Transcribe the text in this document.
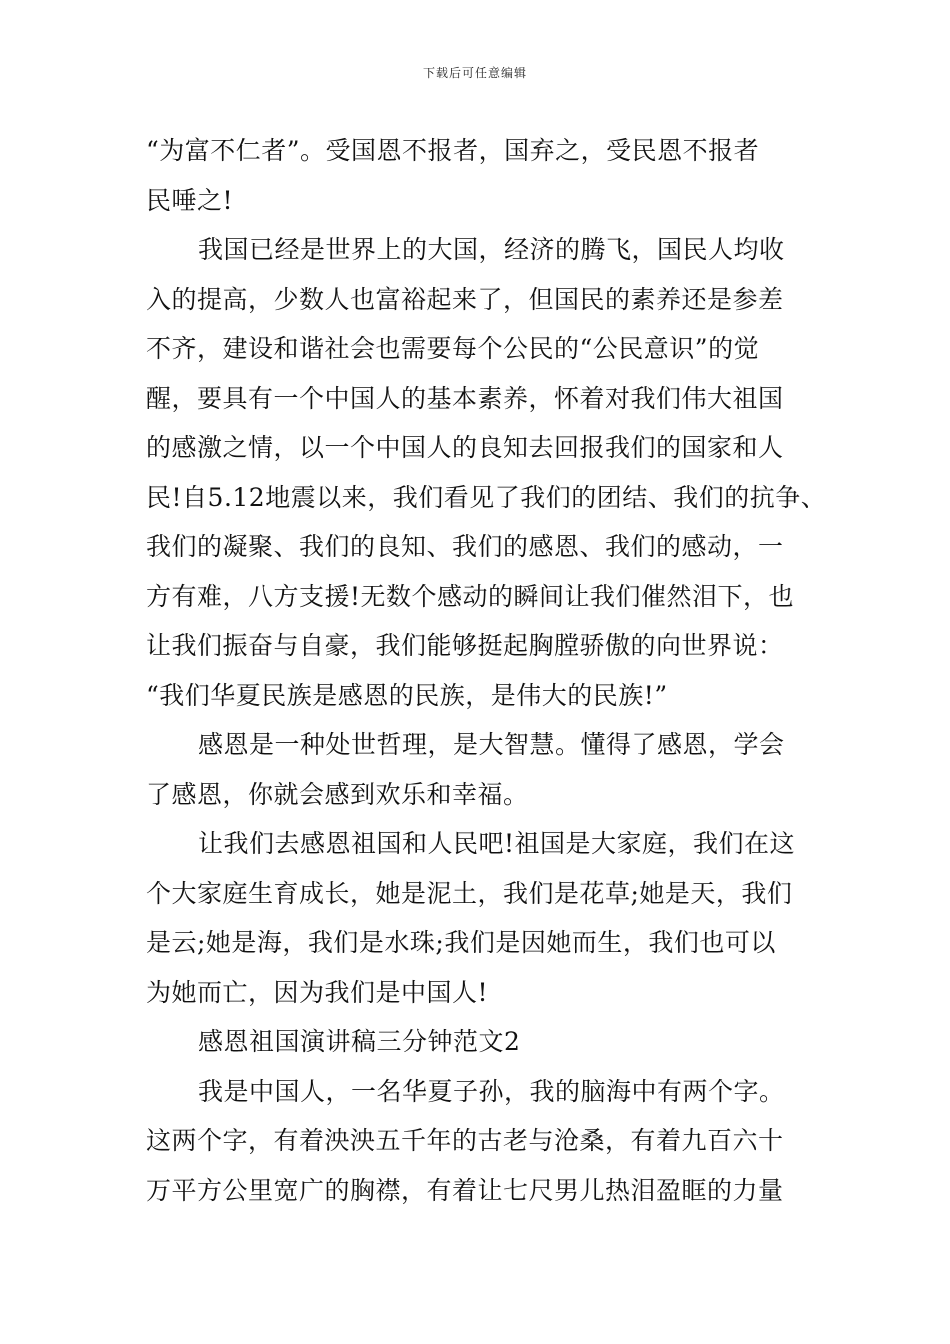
下载后可任意编辑
“为富不仁者”。受国恩不报者，国弃之，受民恩不报者
民唾之!
我国已经是世界上的大国，经济的腾飞，国民人均收
入的提高，少数人也富裕起来了，但国民的素养还是参差
不齐，建设和谐社会也需要每个公民的“公民意识”的觉
醒，要具有一个中国人的基本素养，怀着对我们伟大祖国
的感激之情，以一个中国人的良知去回报我们的国家和人
民!自5.12地震以来，我们看见了我们的团结、我们的抗争、
我们的凝聚、我们的良知、我们的感恩、我们的感动，一
方有难，八方支援!无数个感动的瞬间让我们催然泪下，也
让我们振奋与自豪，我们能够挺起胸膛骄傲的向世界说：
“我们华夏民族是感恩的民族，是伟大的民族!”
感恩是一种处世哲理，是大智慧。懂得了感恩，学会
了感恩，你就会感到欢乐和幸福。
让我们去感恩祖国和人民吧!祖国是大家庭，我们在这
个大家庭生育成长，她是泥土，我们是花草;她是天，我们
是云;她是海，我们是水珠;我们是因她而生，我们也可以
为她而亡，因为我们是中国人!
感恩祖国演讲稿三分钟范文2
我是中国人，一名华夏子孙，我的脑海中有两个字。
这两个字，有着泱泱五千年的古老与沧桑，有着九百六十
万平方公里宽广的胸襟，有着让七尺男儿热泪盈眶的力量
